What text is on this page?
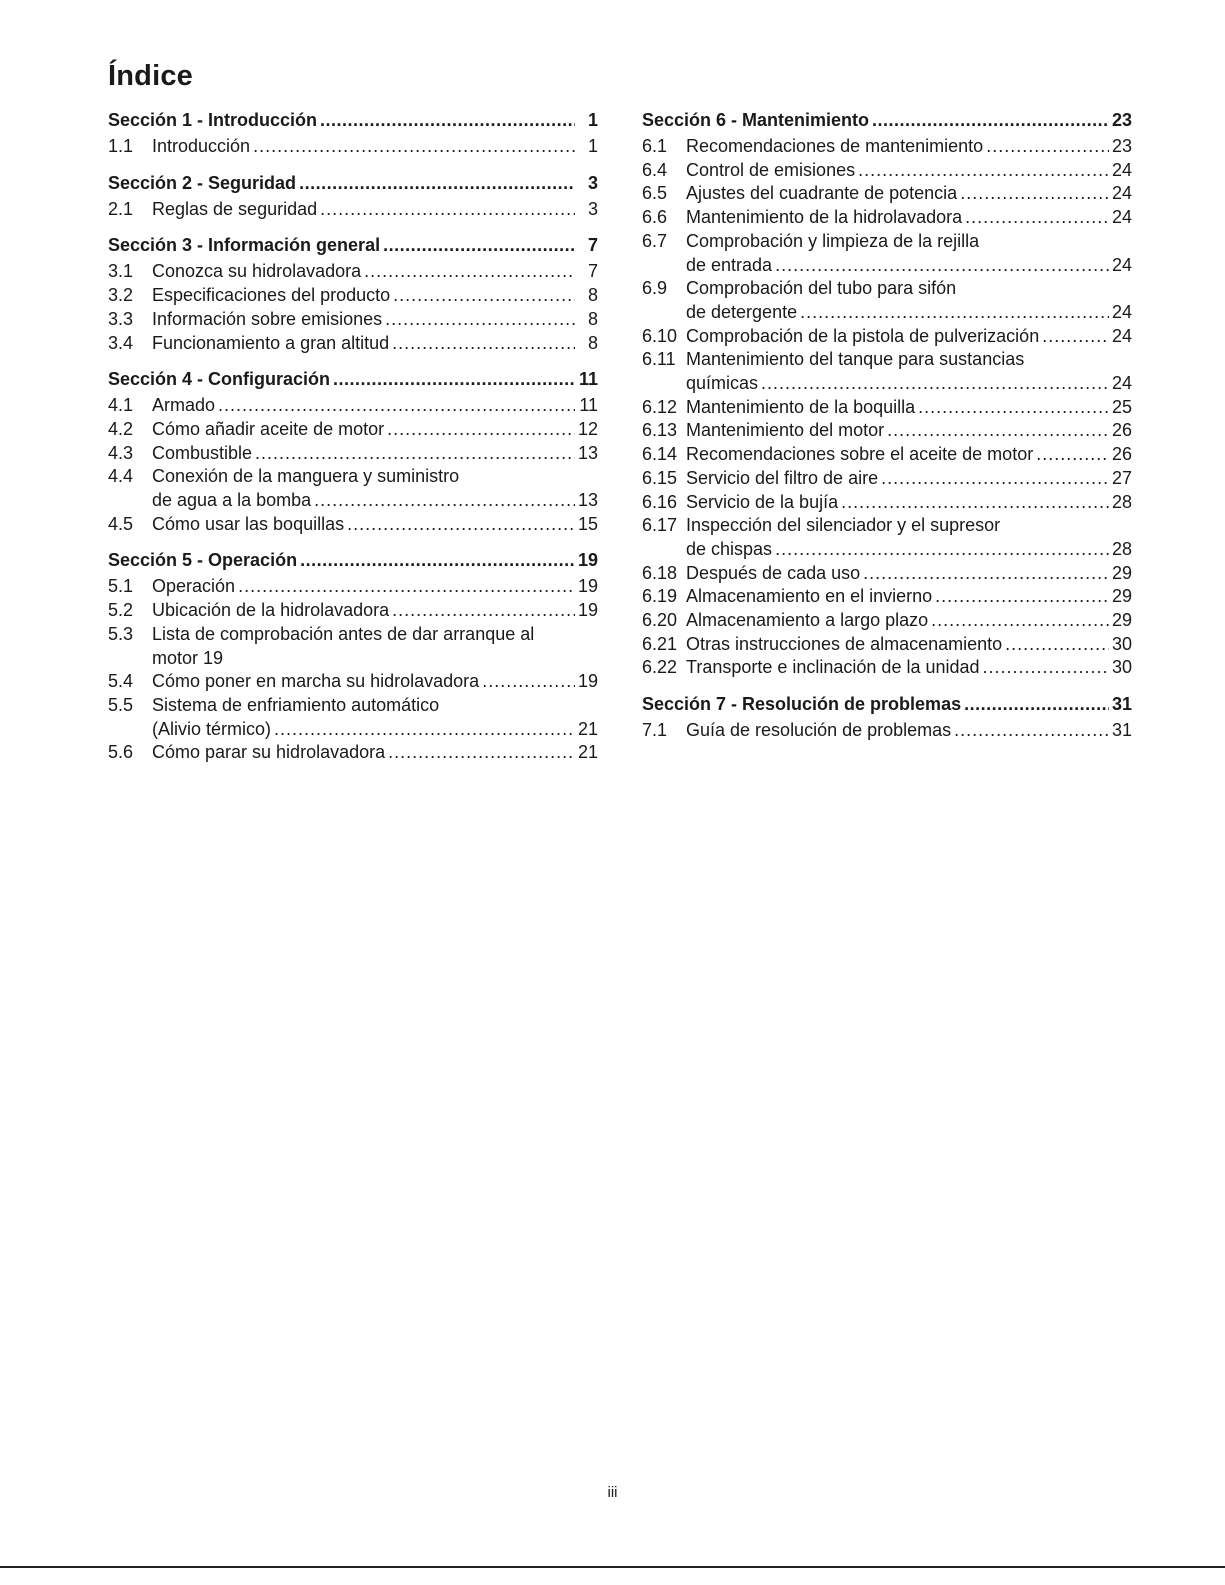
Índice
Sección 1 - Introducción .....	1
1.1	Introducción .....	1
Sección 2 - Seguridad .....	3
2.1	Reglas de seguridad .....	3
Sección 3 - Información general .....	7
3.1	Conozca su hidrolavadora .....	7
3.2	Especificaciones del producto .....	8
3.3	Información sobre emisiones .....	8
3.4	Funcionamiento a gran altitud .....	8
Sección 4 - Configuración .....	11
4.1	Armado .....	11
4.2	Cómo añadir aceite de motor .....	12
4.3	Combustible .....	13
4.4	Conexión de la manguera y suministro
de agua a la bomba .....	13
4.5	Cómo usar las boquillas .....	15
Sección 5 - Operación .....	19
5.1	Operación .....	19
5.2	Ubicación de la hidrolavadora .....	19
5.3	Lista de comprobación antes de dar arranque al
motor 19
5.4	Cómo poner en marcha su hidrolavadora .....	19
5.5	Sistema de enfriamiento automático
(Alivio térmico) .....	21
5.6	Cómo parar su hidrolavadora .....	21
Sección 6 - Mantenimiento .....	23
6.1	Recomendaciones de mantenimiento .....	23
6.4	Control de emisiones .....	24
6.5	Ajustes del cuadrante de potencia .....	24
6.6	Mantenimiento de la hidrolavadora .....	24
6.7	Comprobación y limpieza de la rejilla
de entrada .....	24
6.9	Comprobación del tubo para sifón
de detergente .....	24
6.10 Comprobación de la pistola de pulverización .....	24
6.11 Mantenimiento del tanque para sustancias
químicas .....	24
6.12 Mantenimiento de la boquilla .....	25
6.13 Mantenimiento del motor .....	26
6.14 Recomendaciones sobre el aceite de motor .....	26
6.15 Servicio del filtro de aire .....	27
6.16 Servicio de la bujía .....	28
6.17 Inspección del silenciador y el supresor
de chispas .....	28
6.18 Después de cada uso .....	29
6.19 Almacenamiento en el invierno .....	29
6.20 Almacenamiento a largo plazo .....	29
6.21 Otras instrucciones de almacenamiento .....	30
6.22 Transporte e inclinación de la unidad .....	30
Sección 7 - Resolución de problemas .....	31
7.1	Guía de resolución de problemas .....	31
iii
